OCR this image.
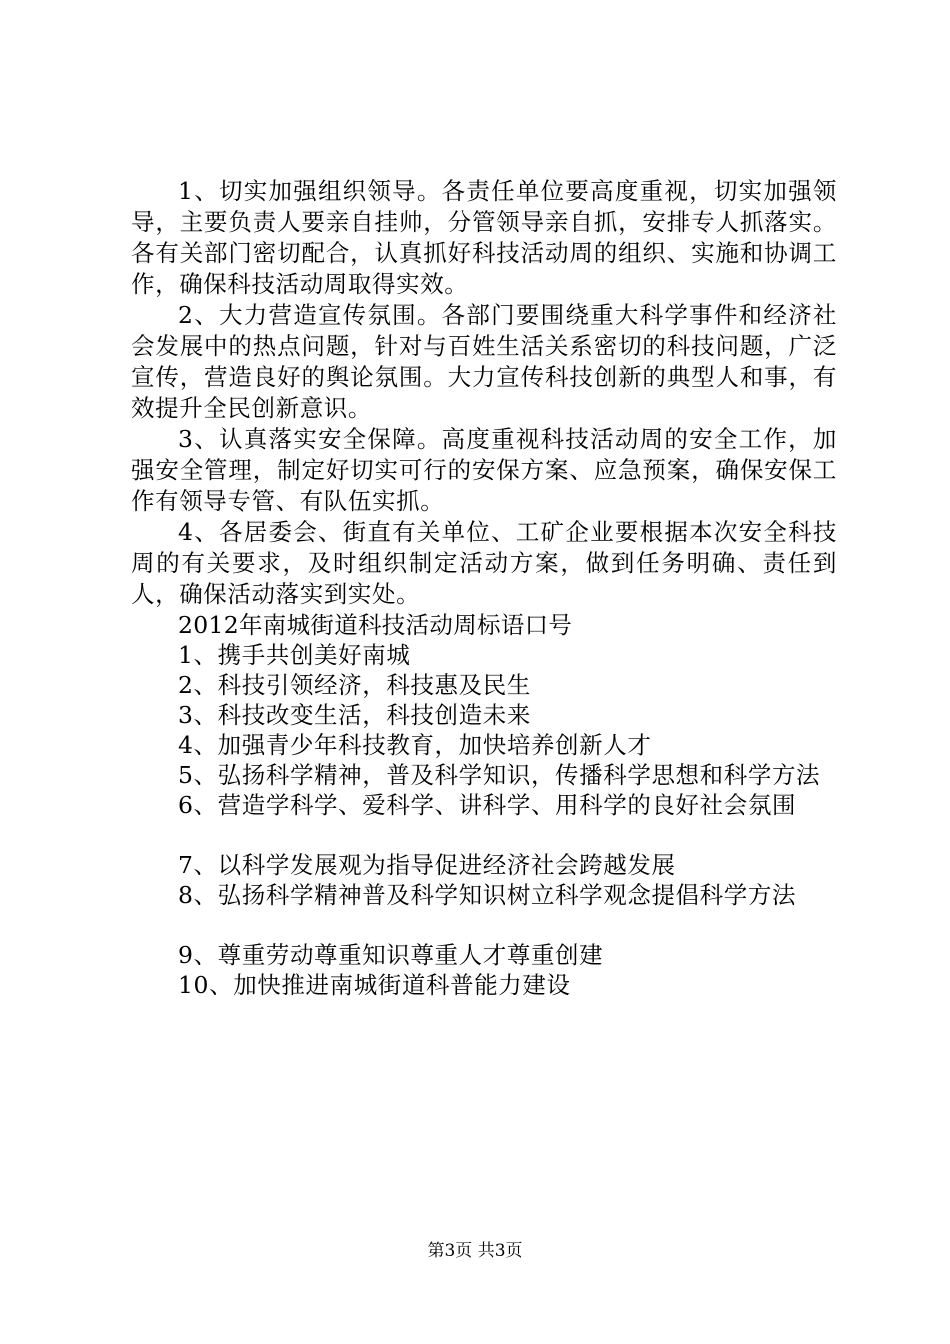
1、切实加强组织领导。各责任单位要高度重视，切实加强领导，主要负责人要亲自挂帅，分管领导亲自抓，安排专人抓落实。各有关部门密切配合，认真抓好科技活动周的组织、实施和协调工作，确保科技活动周取得实效。

2、大力营造宣传氛围。各部门要围绕重大科学事件和经济社会发展中的热点问题，针对与百姓生活关系密切的科技问题，广泛宣传，营造良好的舆论氛围。大力宣传科技创新的典型人和事，有效提升全民创新意识。

3、认真落实安全保障。高度重视科技活动周的安全工作，加强安全管理，制定好切实可行的安保方案、应急预案，确保安保工作有领导专管、有队伍实抓。

4、各居委会、街直有关单位、工矿企业要根据本次安全科技周的有关要求，及时组织制定活动方案，做到任务明确、责任到人，确保活动落实到实处。

2012年南城街道科技活动周标语口号

1、携手共创美好南城
2、科技引领经济，科技惠及民生
3、科技改变生活，科技创造未来
4、加强青少年科技教育，加快培养创新人才
5、弘扬科学精神，普及科学知识，传播科学思想和科学方法
6、营造学科学、爱科学、讲科学、用科学的良好社会氛围
7、以科学发展观为指导促进经济社会跨越发展
8、弘扬科学精神普及科学知识树立科学观念提倡科学方法
9、尊重劳动尊重知识尊重人才尊重创建
10、加快推进南城街道科普能力建设
第3页 共3页
